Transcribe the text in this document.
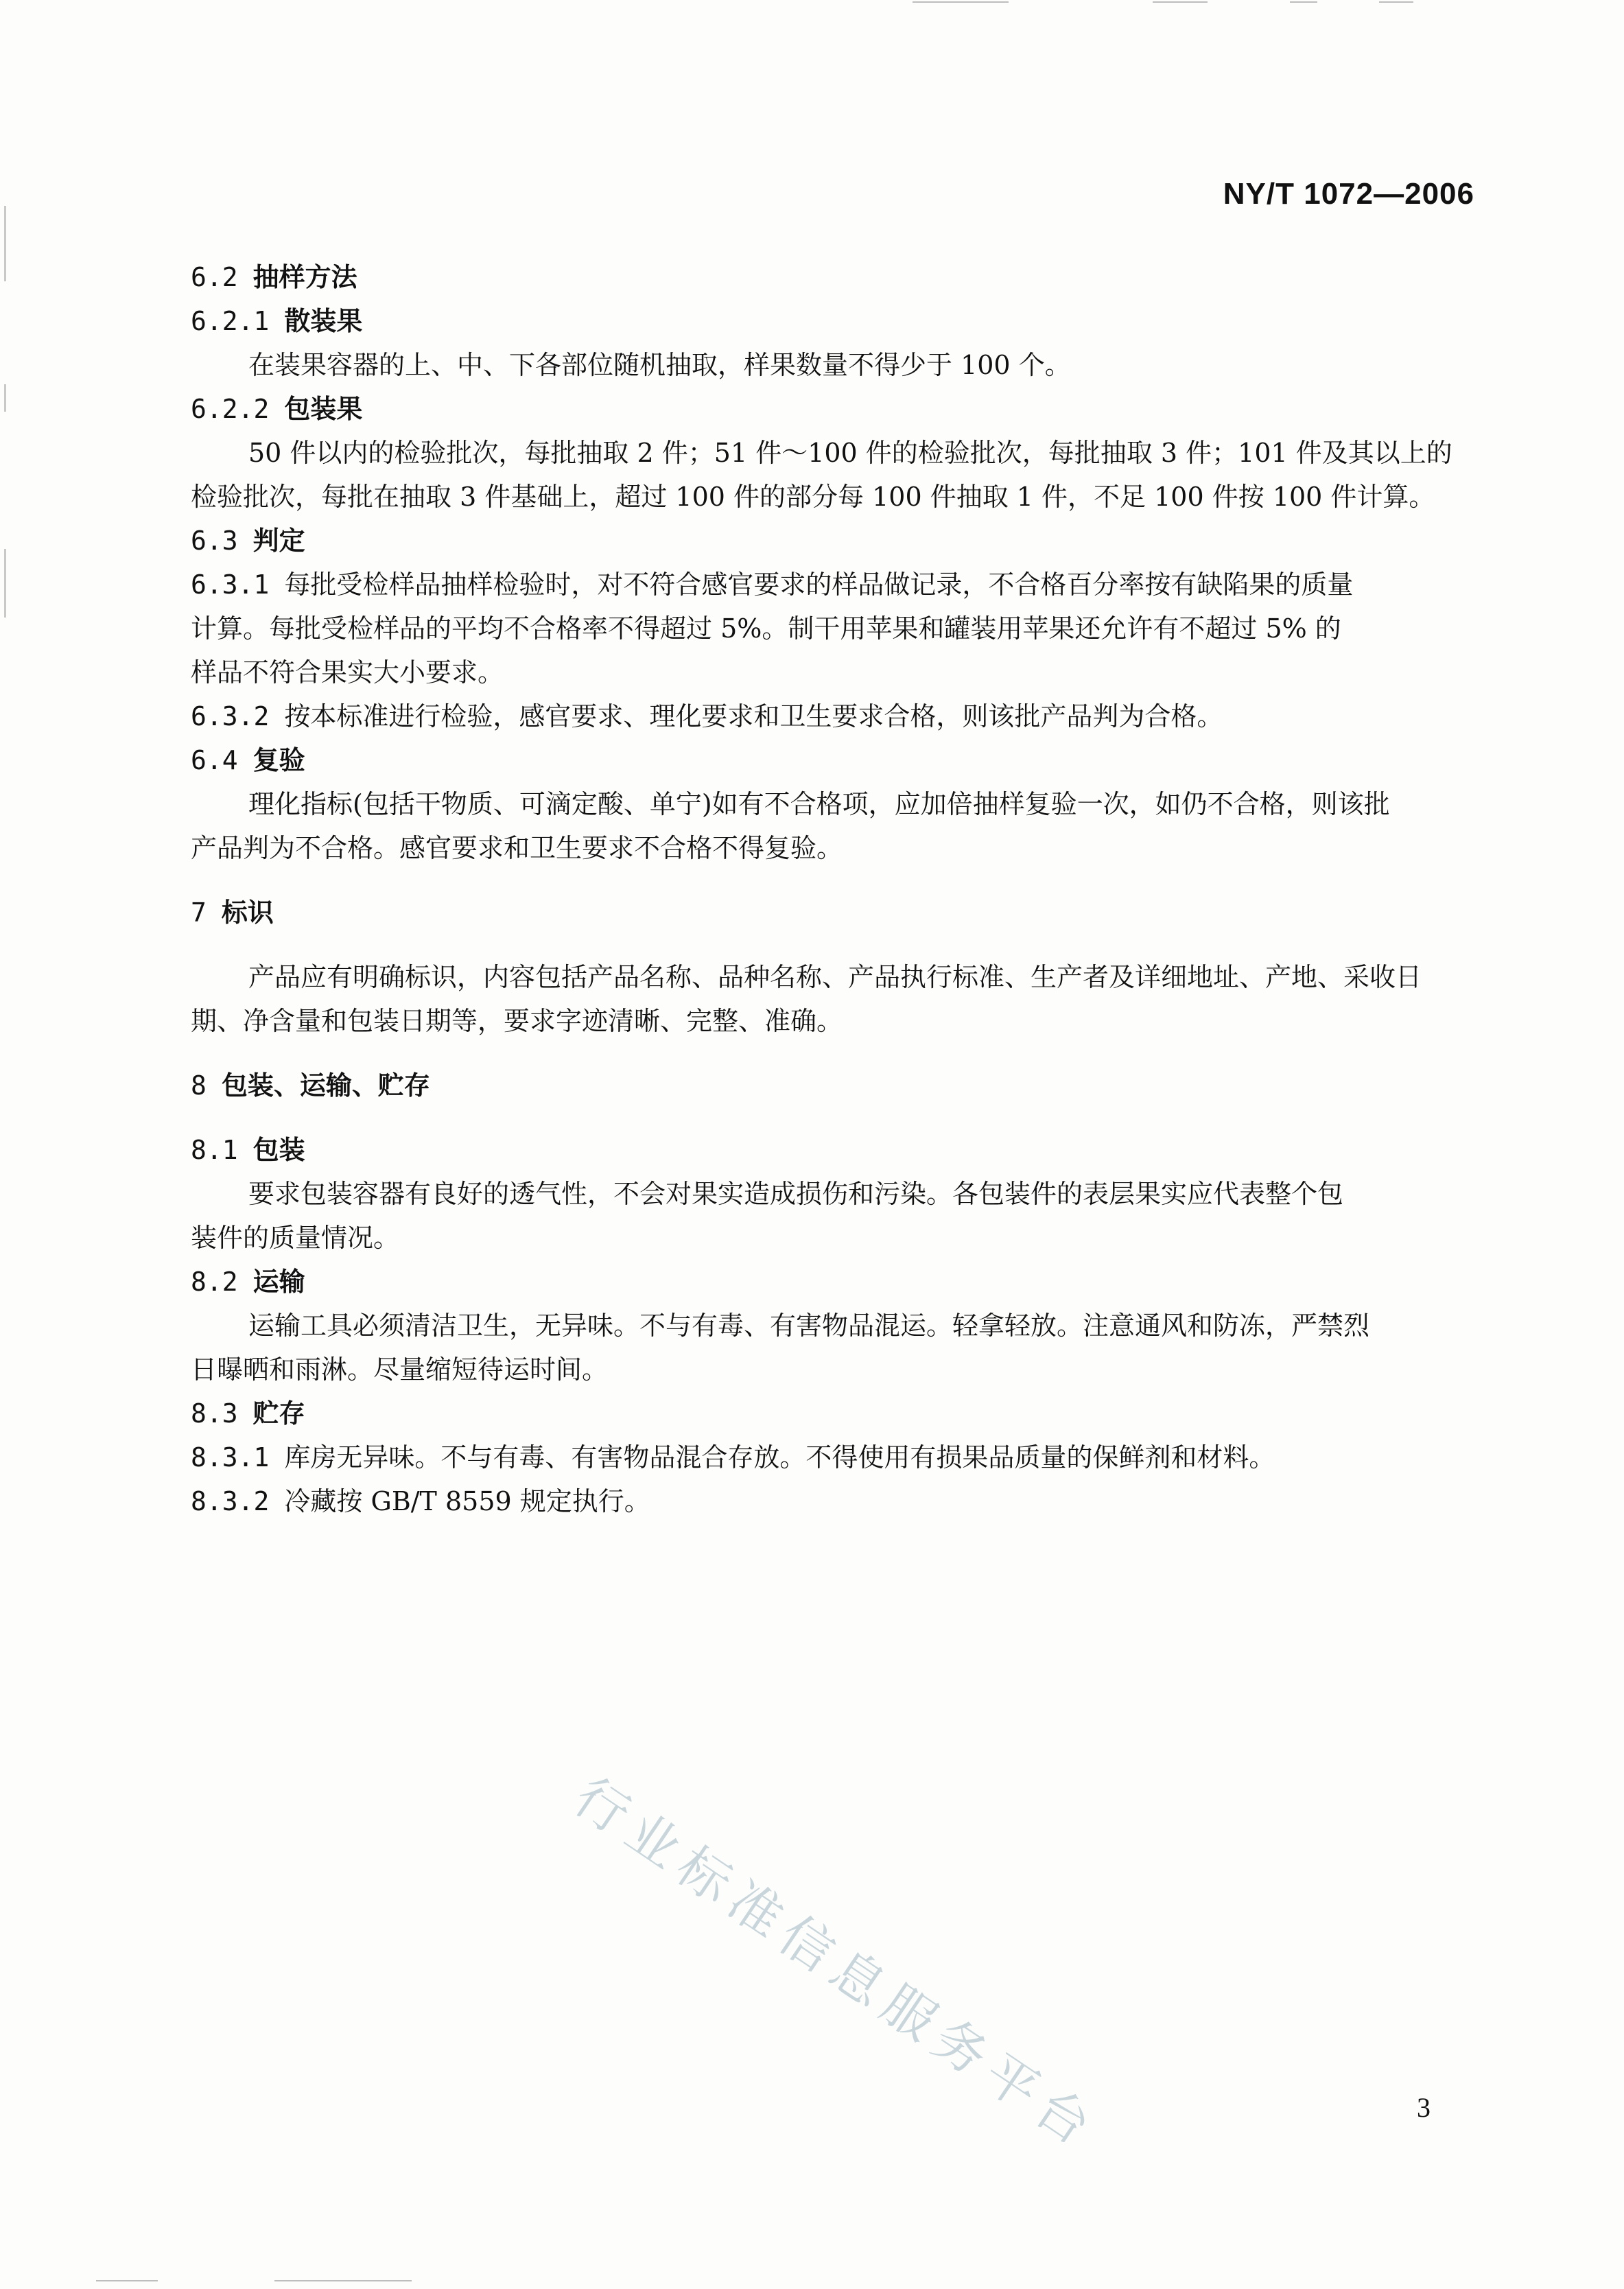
NY/T 1072—2006
6.2 抽样方法
6.2.1 散装果
在装果容器的上、中、下各部位随机抽取，样果数量不得少于 100 个。
6.2.2 包装果
50 件以内的检验批次，每批抽取 2 件；51 件～100 件的检验批次，每批抽取 3 件；101 件及其以上的
检验批次，每批在抽取 3 件基础上，超过 100 件的部分每 100 件抽取 1 件，不足 100 件按 100 件计算。
6.3 判定
6.3.1 每批受检样品抽样检验时，对不符合感官要求的样品做记录，不合格百分率按有缺陷果的质量
计算。每批受检样品的平均不合格率不得超过 5%。制干用苹果和罐装用苹果还允许有不超过 5% 的
样品不符合果实大小要求。
6.3.2 按本标准进行检验，感官要求、理化要求和卫生要求合格，则该批产品判为合格。
6.4 复验
理化指标(包括干物质、可滴定酸、单宁)如有不合格项，应加倍抽样复验一次，如仍不合格，则该批
产品判为不合格。感官要求和卫生要求不合格不得复验。
7 标识
产品应有明确标识，内容包括产品名称、品种名称、产品执行标准、生产者及详细地址、产地、采收日
期、净含量和包装日期等，要求字迹清晰、完整、准确。
8 包装、运输、贮存
8.1 包装
要求包装容器有良好的透气性，不会对果实造成损伤和污染。各包装件的表层果实应代表整个包
装件的质量情况。
8.2 运输
运输工具必须清洁卫生，无异味。不与有毒、有害物品混运。轻拿轻放。注意通风和防冻，严禁烈
日曝晒和雨淋。尽量缩短待运时间。
8.3 贮存
8.3.1 库房无异味。不与有毒、有害物品混合存放。不得使用有损果品质量的保鲜剂和材料。
8.3.2 冷藏按 GB/T 8559 规定执行。
行业标准信息服务平台	3
